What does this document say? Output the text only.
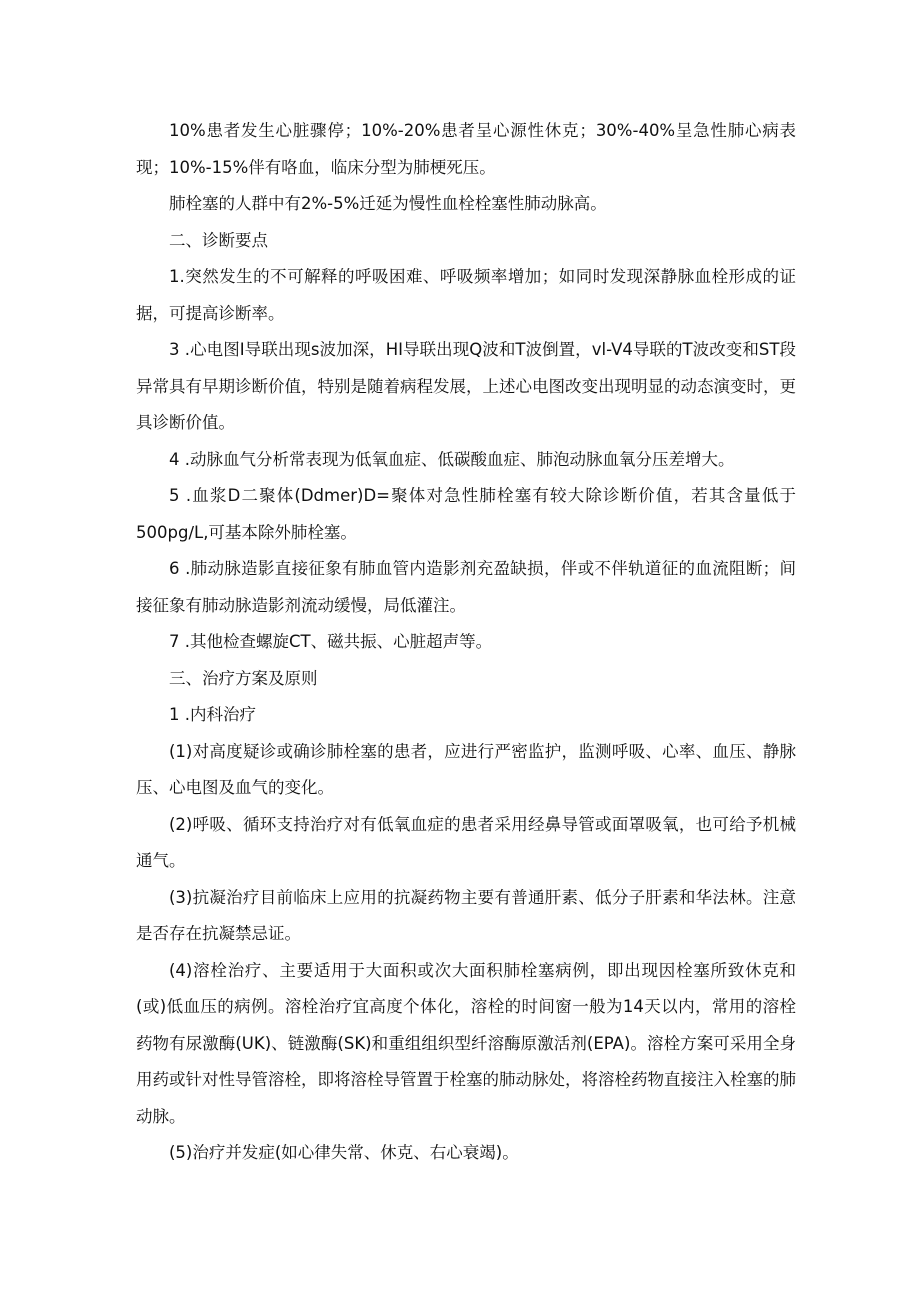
10%患者发生心脏骤停；10%-20%患者呈心源性休克；30%-40%呈急性肺心病表现；10%-15%伴有咯血，临床分型为肺梗死压。

肺栓塞的人群中有2%-5%迁延为慢性血栓栓塞性肺动脉高。

二、诊断要点

1.突然发生的不可解释的呼吸困难、呼吸频率增加；如同时发现深静脉血栓形成的证据，可提高诊断率。

3 .心电图I导联出现s波加深，HI导联出现Q波和T波倒置，vl-V4导联的T波改变和ST段异常具有早期诊断价值，特别是随着病程发展，上述心电图改变出现明显的动态演变时，更具诊断价值。

4 .动脉血气分析常表现为低氧血症、低碳酸血症、肺泡动脉血氧分压差增大。

5 .血浆D二聚体(Ddmer)D=聚体对急性肺栓塞有较大除诊断价值，若其含量低于500pg∕L,可基本除外肺栓塞。

6 .肺动脉造影直接征象有肺血管内造影剂充盈缺损，伴或不伴轨道征的血流阻断；间接征象有肺动脉造影剂流动缓慢，局低灌注。

7 .其他检查螺旋CT、磁共振、心脏超声等。

三、治疗方案及原则

1 .内科治疗

(1)对高度疑诊或确诊肺栓塞的患者，应进行严密监护，监测呼吸、心率、血压、静脉压、心电图及血气的变化。

(2)呼吸、循环支持治疗对有低氧血症的患者采用经鼻导管或面罩吸氧，也可给予机械通气。

(3)抗凝治疗目前临床上应用的抗凝药物主要有普通肝素、低分子肝素和华法林。注意是否存在抗凝禁忌证。

(4)溶栓治疗、主要适用于大面积或次大面积肺栓塞病例，即出现因栓塞所致休克和(或)低血压的病例。溶栓治疗宜高度个体化，溶栓的时间窗一般为14天以内，常用的溶栓药物有尿激酶(UK)、链激酶(SK)和重组组织型纤溶酶原激活剂(EPA)。溶栓方案可采用全身用药或针对性导管溶栓，即将溶栓导管置于栓塞的肺动脉处，将溶栓药物直接注入栓塞的肺动脉。

(5)治疗并发症(如心律失常、休克、右心衰竭)。
